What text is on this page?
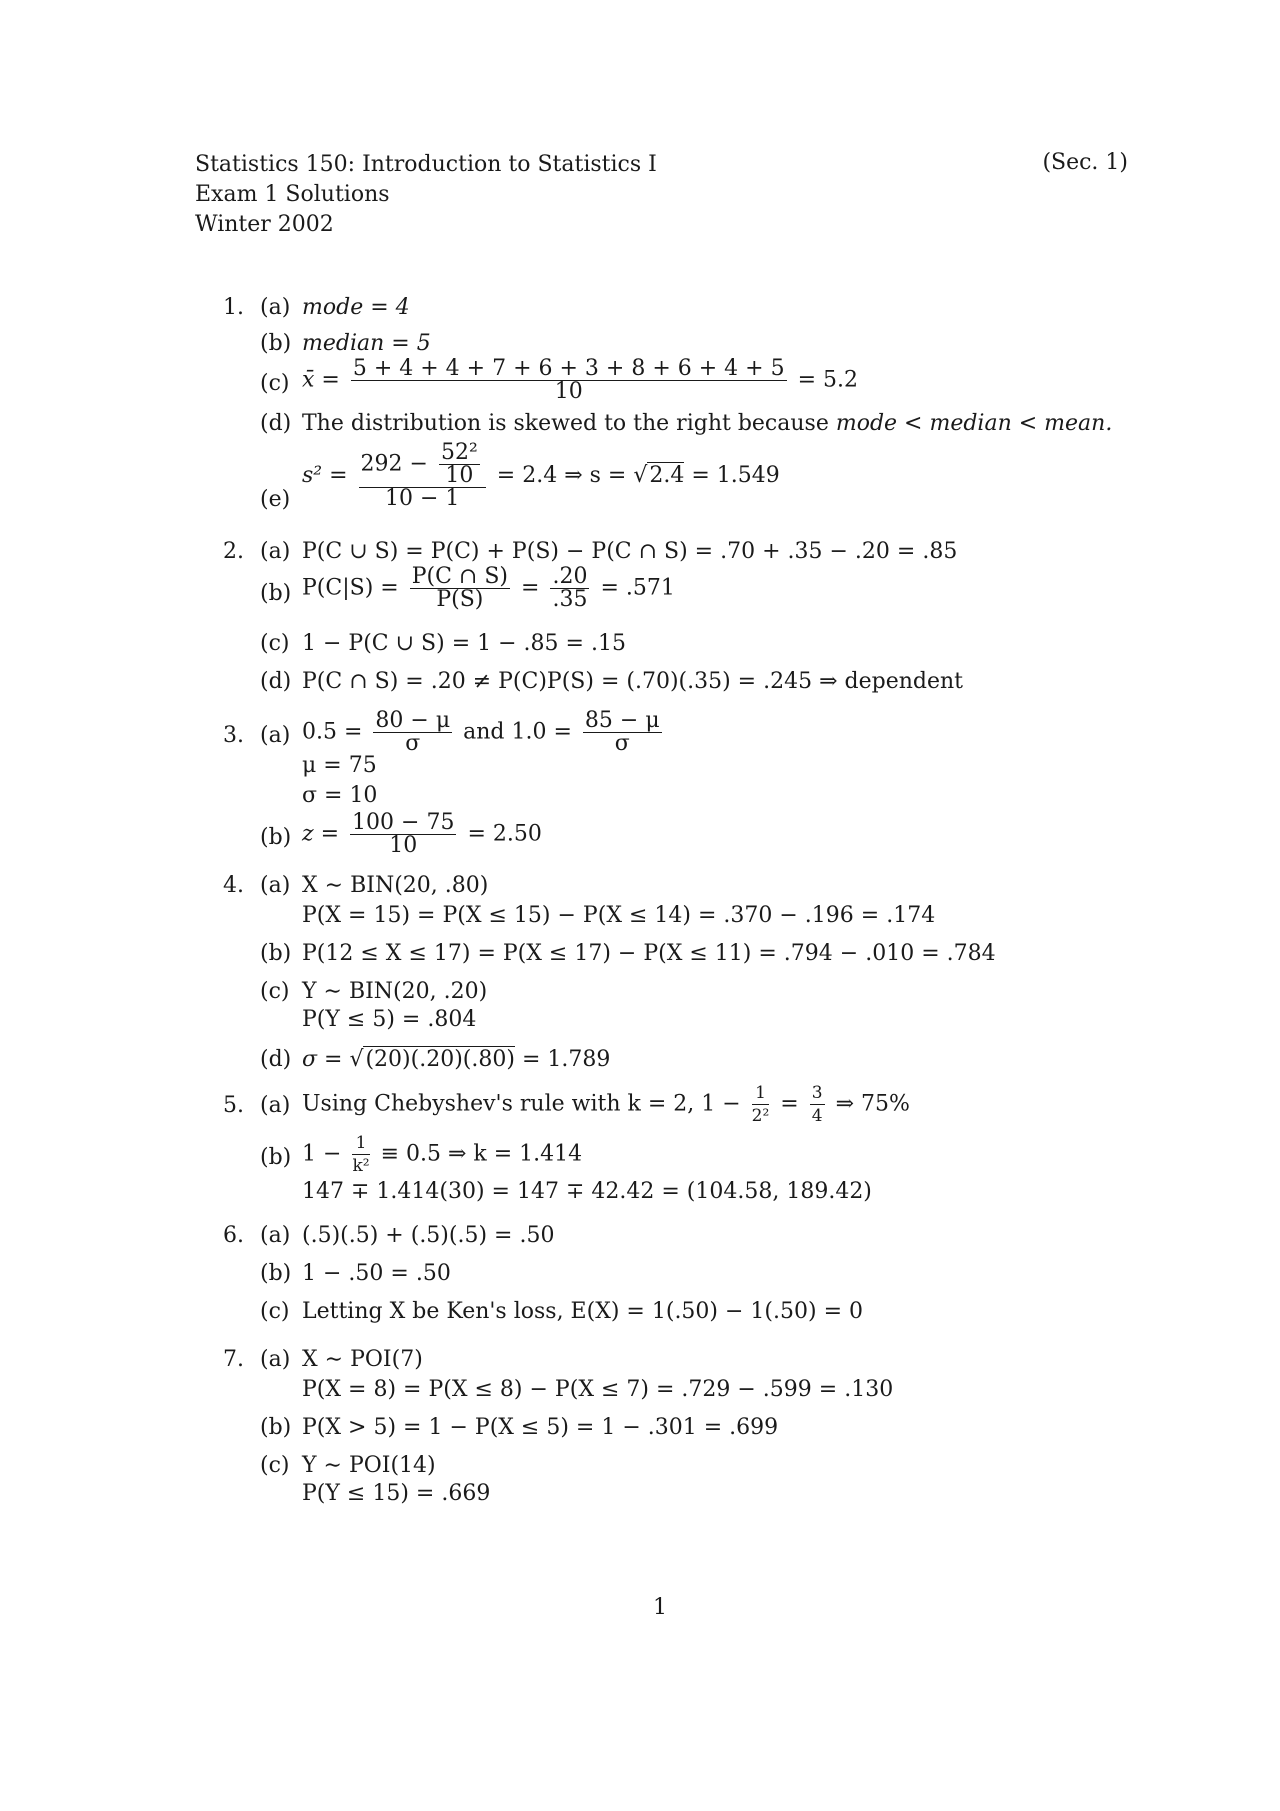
Statistics 150: Introduction to Statistics I
Exam 1 Solutions
Winter 2002
(Sec. 1)
1. (a) mode = 4
(b) median = 5
(c) x̄ = $\frac{5 + 4 + 4 + 7 + 6 + 3 + 8 + 6 + 4 + 5}{10} = 5.2$
(d) The distribution is skewed to the right because mode < median < mean.
(e)
$s^2 = \frac{292 - \frac{\text{52²}}{10}}{10 - 1} = 2.4$ ⇒ s = √2.4 = 1.549
2. (a) P(C ∪ S) = P(C) + P(S) − P(C ∩ S) = .70 + .35 − .20 = .85
(b) $P(C|S) = \frac{P(C \cap S)}{P(S)} = \frac{.20}{.35} = .571$
(c) 1 − P(C ∪ S) = 1 − .85 = .15
(d) P(C ∩ S) = .20 ≠ P(C)P(S) = (.70)(.35) = .245 ⇒ dependent
3. (a) $0.5 = \frac{80 - \mu}{\sigma}$ and $1.0 = \frac{85 - \mu}{\sigma}$
μ = 75
σ = 10
(b) $z = \frac{100 - 75}{10} = 2.50$
4. (a) X ∼ BIN(20, .80)
P(X = 15) = P(X ≤ 15) − P(X ≤ 14) = .370 − .196 = .174
(b) P(12 ≤ X ≤ 17) = P(X ≤ 17) − P(X ≤ 11) = .794 − .010 = .784
(c) Y ∼ BIN(20, .20)
P(Y ≤ 5) = .804
(d) σ = √(20)(.20)(.80) = 1.789
5. (a) Using Chebyshev's rule with k = 2, $1 - \frac{1}{\text{2²}} = \frac{3}{4}$ ⇒ 75%
(b) $1 - \frac{1}{\text{k²}} \equiv 0.5$ ⇒ k = 1.414
147 ∓ 1.414(30) = 147 ∓ 42.42 = (104.58, 189.42)
6. (a) (.5)(.5) + (.5)(.5) = .50
(b) 1 − .50 = .50
(c) Letting X be Ken's loss, E(X) = 1(.50) − 1(.50) = 0
7. (a) X ∼ POI(7)
P(X = 8) = P(X ≤ 8) − P(X ≤ 7) = .729 − .599 = .130
(b) P(X > 5) = 1 − P(X ≤ 5) = 1 − .301 = .699
(c) Y ∼ POI(14)
P(Y ≤ 15) = .669
1
